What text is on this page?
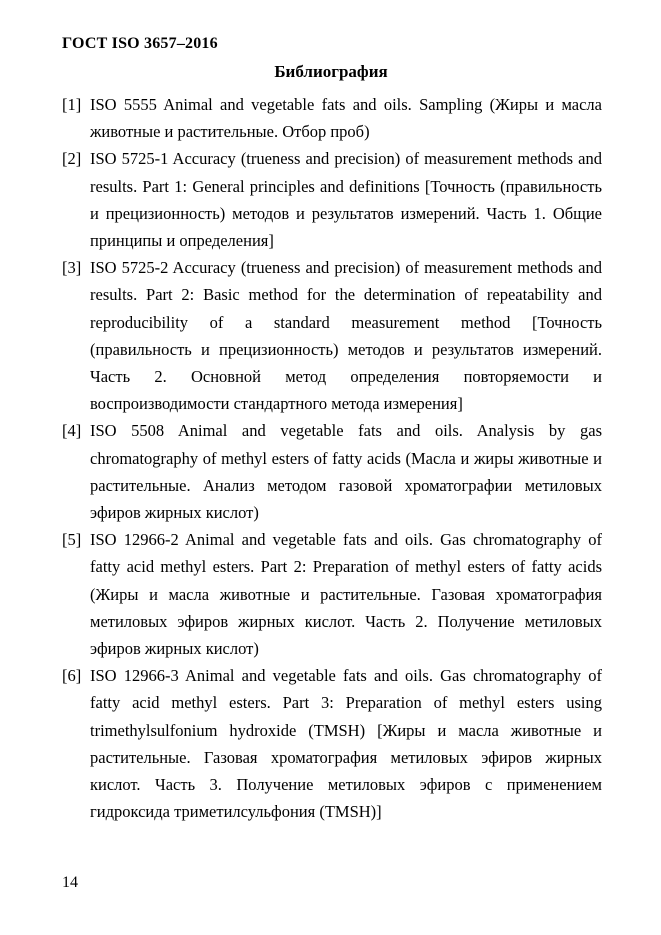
ГОСТ ISO 3657–2016
Библиография
[1] ISO 5555 Animal and vegetable fats and oils. Sampling (Жиры и масла животные и растительные. Отбор проб)
[2] ISO 5725-1 Accuracy (trueness and precision) of measurement methods and results. Part 1: General principles and definitions [Точность (правильность и прецизионность) методов и результатов измерений. Часть 1. Общие принципы и определения]
[3] ISO 5725-2 Accuracy (trueness and precision) of measurement methods and results. Part 2: Basic method for the determination of repeatability and reproducibility of a standard measurement method [Точность (правильность и прецизионность) методов и результатов измерений. Часть 2. Основной метод определения повторяемости и воспроизводимости стандартного метода измерения]
[4] ISO 5508 Animal and vegetable fats and oils. Analysis by gas chromatography of methyl esters of fatty acids (Масла и жиры животные и растительные. Анализ методом газовой хроматографии метиловых эфиров жирных кислот)
[5] ISO 12966-2 Animal and vegetable fats and oils. Gas chromatography of fatty acid methyl esters. Part 2: Preparation of methyl esters of fatty acids (Жиры и масла животные и растительные. Газовая хроматография метиловых эфиров жирных кислот. Часть 2. Получение метиловых эфиров жирных кислот)
[6] ISO 12966-3 Animal and vegetable fats and oils. Gas chromatography of fatty acid methyl esters. Part 3: Preparation of methyl esters using trimethylsulfonium hydroxide (TMSH) [Жиры и масла животные и растительные. Газовая хроматография метиловых эфиров жирных кислот. Часть 3. Получение метиловых эфиров с применением гидроксида триметилсульфония (TMSH)]
14
